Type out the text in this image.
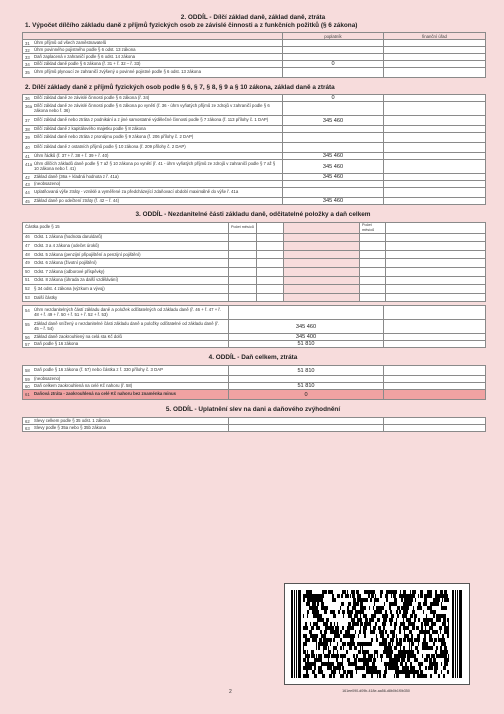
2. ODDÍL - Dílčí základ daně, základ daně, ztráta

1. Výpočet dílčího základu daně z příjmů fyzických osob ze závislé činnosti a z funkčních požitků (§ 6 zákona)

	poplatník	finanční úřad
31 Úhrn příjmů od všech zaměstnavatelů		
32 Úhrn povinného pojistného podle § 6 odst. 13 zákona		
33 Daň zaplacená v zahraničí podle § 6 odst. 14 zákona		
34 Dílčí základ daně podle § 6 zákona (ř. 31 + ř. 32 – ř. 33)	0	
35 Úhrn příjmů plynoucí ze zahraničí zvýšený o povinné pojistné podle § 6 odst. 13 zákona		

2. Dílčí základy daně z příjmů fyzických osob podle § 6, § 7, § 8, § 9 a § 10 zákona, základ daně a ztráta

36 Dílčí základ daně ze závislé činnosti podle § 6 zákona (ř. 34)	0	
36a Dílčí základ daně ze závislé činnosti podle § 6 zákona po vynětí (ř. 36 - úhrn vyňatých příjmů ze zdrojů v zahraničí podle § 6 zákona nebo ř. 36)		
37 Dílčí základ daně nebo ztráta z podnikání a z jiné samostatné výdělečné činnosti podle § 7 zákona (ř. 113 přílohy č. 1 DAP)	345 460	
38 Dílčí základ daně z kapitálového majetku podle § 8 zákona		
39 Dílčí základ daně nebo ztráta z pronájmu podle § 9 zákona (ř. 206 přílohy č. 2 DAP)		
40 Dílčí základ daně z ostatních příjmů podle § 10 zákona (ř. 209 přílohy č. 2 DAP)		
41 Úhrn řádků (ř. 37 + ř. 38 + ř. 39 + ř. 40)	345 460	
41a Úhrn dílčích základů daně podle § 7 až § 10 zákona po vynětí (ř. 41 - úhrn vyňatých příjmů ze zdrojů v zahraničí podle § 7 až § 10 zákona nebo ř. 41)	345 460	
42 Základ daně (36a + kladná hodnota z ř. 41a)	345 460	
43 (neobsazeno)		
44 Uplatňovaná výše ztráty - vzniklé a vyměřené za předcházející zdaňovací období maximálně do výše ř. 41a		
45 Základ daně po odečtení ztráty (ř. 42 – ř. 44)	345 460	

3. ODDÍL - Nezdanitelné části základu daně, odčitatelné položky a daň celkem

Částka podle § 15	Počet měsíců			Počet měsíců	
46 Odst. 1 zákona (hodnota daru/darů)					
47 Odst. 3 a 4 zákona (odečet úroků)					
48 Odst. 5 zákona (penzijní připojištění a penzijní pojištění)					
49 Odst. 6 zákona (životní pojištění)					
50 Odst. 7 zákona (odborové příspěvky)					
51 Odst. 8 zákona (úhrada za další vzdělávání)					
52 § 34 odst. 4 zákona (výzkum a vývoj)					
53 Další částky					
54 Úhrn nezdanitelných částí základu daně a položek odčitatelných od základu daně (ř. 46 + ř. 47 + ř. 48 + ř. 49 + ř. 50 + ř. 51 + ř. 52 + ř. 53)		
55 Základ daně snížený o nezdanitelné části základu daně a položky odčitatelné od základu daně (ř. 45 – ř. 54)	345 460	
56 Základ daně zaokrouhlený na celá sta Kč dolů	345 400	
57 Daň podle § 16 zákona	51 810	

4. ODDÍL - Daň celkem, ztráta

58 Daň podle § 16 zákona (ř. 57) nebo částka z ř. 330 přílohy č. 3 DAP	51 810	
59 (neobsazeno)		
60 Daň celkem zaokrouhlená na celé Kč nahoru (ř. 58)	51 810	
61 Daňová ztráta - zaokrouhlená na celé Kč nahoru bez znaménka minus	0	

5. ODDÍL - Uplatnění slev na dani a daňového zvýhodnění

62 Slevy celkem podle § 35 odst. 1 zákona		
63 Slevy podle § 35a nebo § 35b zákona		
2	161ee090-d09b-418e-aa56-d8b0b1f0b350
